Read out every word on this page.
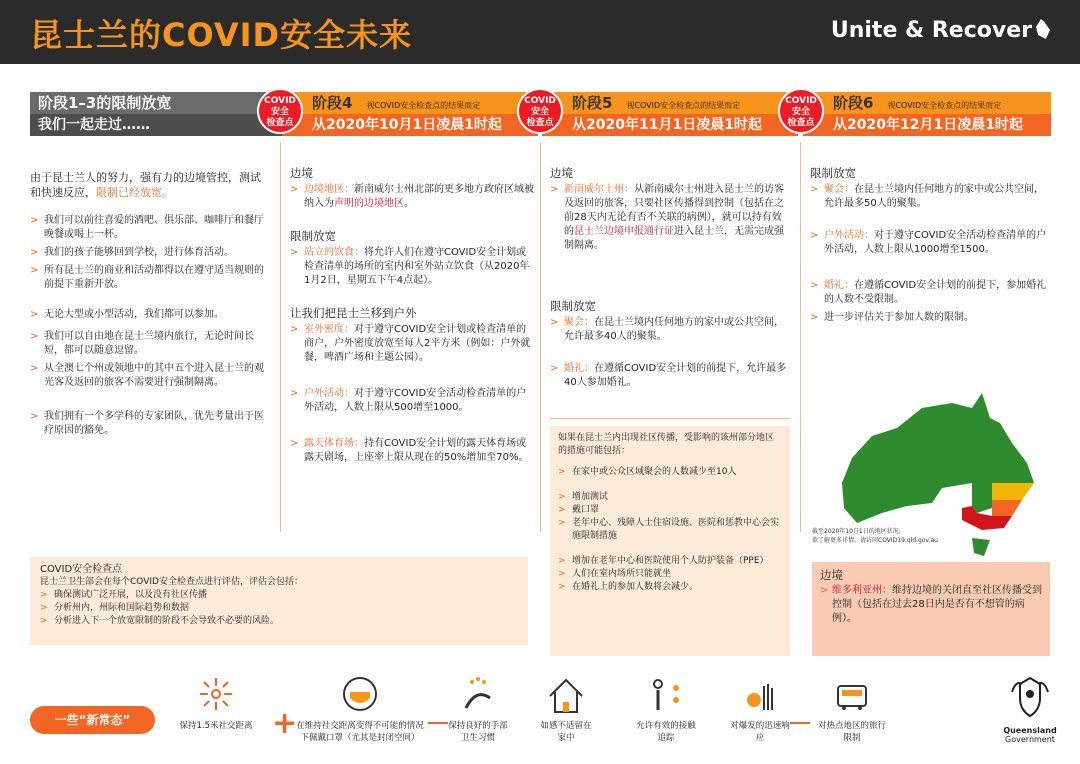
昆士兰的COVID安全未来	Unite & Recover
阶段1–3的限制放宽
我们一起走过……
阶段4 视COVID安全检查点的结果而定
从2020年10月1日凌晨1时起
阶段5 视COVID安全检查点的结果而定
从2020年11月1日凌晨1时起
阶段6 视COVID安全检查点的结果而定
从2020年12月1日凌晨1时起
COVID
安全
检查点
COVID
安全
检查点
COVID
安全
检查点

由于昆士兰人的努力，强有力的边境管控，测试和快速反应，限制已经放宽。

> 我们可以前往喜爱的酒吧、俱乐部、咖啡厅和餐厅晚餐或喝上一杯。
> 我们的孩子能够回到学校，进行体育活动。
> 所有昆士兰的商业和活动都得以在遵守适当规则的前提下重新开放。
> 无论大型或小型活动，我们都可以参加。
> 我们可以自由地在昆士兰境内旅行，无论时间长短，都可以随意逗留。
> 从全澳七个州或领地中的其中五个进入昆士兰的观光客及返回的旅客不需要进行强制隔离。
> 我们拥有一个多学科的专家团队，优先考量出于医疗原因的豁免。
边境
> 边境地区：新南威尔士州北部的更多地方政府区域被纳入为声明的边境地区。
限制放宽
> 站立的饮食：将允许人们在遵守COVID安全计划或检查清单的场所的室内和室外站立饮食（从2020年1月2日，星期五下午4点起）。
让我们把昆士兰移到户外
> 室外密度：对于遵守COVID安全计划或检查清单的商户，户外密度放宽至每人2平方米（例如：户外就餐，啤酒广场和主题公园）。
> 户外活动：对于遵守COVID安全活动检查清单的户外活动，人数上限从500增至1000。
> 露天体育场：持有COVID安全计划的露天体育场或露天剧场，上座率上限从现在的50%增加至70%。
边境
> 新南威尔士州：从新南威尔士州进入昆士兰的访客及返回的旅客，只要社区传播得到控制（包括在之前28天内无论有否不关联的病例），就可以持有效的昆士兰边境申报通行证进入昆士兰，无需完成强制隔离。
限制放宽
> 聚会：在昆士兰境内任何地方的家中或公共空间，允许最多40人的聚集。
> 婚礼：在遵循COVID安全计划的前提下，允许最多40人参加婚礼。
如果在昆士兰内出现社区传播，受影响的该州部分地区的措施可能包括：
> 在家中或公众区域聚会的人数减少至10人
> 增加测试
> 戴口罩
> 老年中心、残障人士住宿设施、医院和惩教中心会实施限制措施
> 增加在老年中心和医院使用个人防护装备（PPE）
> 人们在室内场所只能就坐
> 在婚礼上的参加人数将会减少。
限制放宽
> 聚会：在昆士兰境内任何地方的家中或公共空间，允许最多50人的聚集。
> 户外活动：对于遵守COVID安全活动检查清单的户外活动，人数上限从1000增至1500。
> 婚礼：在遵循COVID安全计划的前提下，参加婚礼的人数不受限制。
> 进一步评估关于参加人数的限制。
截至2020年10月1日的地区状况。
欲了解更多详情，请访问COVID19.qld.gov.au
边境
> 维多利亚州：维持边境的关闭直至社区传播受到控制（包括在过去28日内是否有不想管的病例）。
COVID安全检查点
昆士兰卫生部会在每个COVID安全检查点进行评估，评估会包括：
> 确保测试广泛开展，以及没有社区传播
> 分析州内，州际和国际趋势和数据
> 分析进入下一个放宽限制的阶段不会导致不必要的风险。
一些“新常态”	保持1.5米社交距离 + 在维持社交距离变得不可能的情况下佩戴口罩（尤其是封闭空间）
保持良好的手部卫生习惯
如感不适留在家中
允许有效的接触追踪
对爆发的迅速响应
对热点地区的旅行限制
Queensland
Government
